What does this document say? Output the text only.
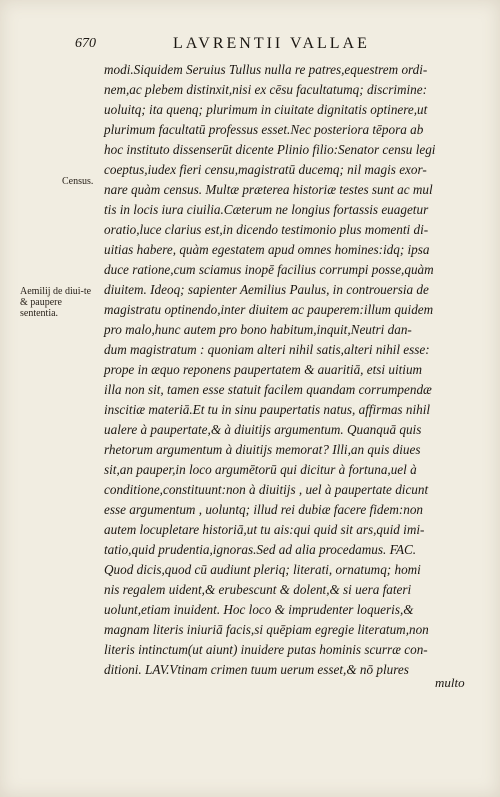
670	LAVRENTII VALLAE
Census.
Aemilij de diui-te & paupere sententia.
modi.Siquidem Seruius Tullus nulla re patres,equestrem ordi-
nem,ac plebem distinxit,nisi ex cēsu facultatumq; discrimine:
uoluitq; ita quenq; plurimum in ciuitate dignitatis optinere,ut
plurimum facultatū professus esset.Nec posteriora tēpora ab
hoc instituto dissenserūt dicente Plinio filio:Senator censu legi
coeptus,iudex fieri censu,magistratū ducemq; nil magis exor-
nare quàm census. Multæ præterea historiæ testes sunt ac mul
tis in locis iura ciuilia.Cæterum ne longius fortassis euagetur
oratio,luce clarius est,in dicendo testimonio plus momenti di-
uitias habere, quàm egestatem apud omnes homines:idq; ipsa
duce ratione,cum sciamus inopē facilius corrumpi posse,quàm
diuitem. Ideoq; sapienter Aemilius Paulus, in controuersia de
magistratu optinendo,inter diuitem ac pauperem:illum quidem
pro malo,hunc autem pro bono habitum,inquit,Neutri dan-
dum magistratum : quoniam alteri nihil satis,alteri nihil esse:
prope in æquo reponens paupertatem & auaritiā, etsi uitium
illa non sit, tamen esse statuit facilem quandam corrumpendæ
inscitiæ materiā.Et tu in sinu paupertatis natus, affirmas nihil
ualere à paupertate,& à diuitijs argumentum. Quanquā quis
rhetorum argumentum à diuitijs memorat? Illi,an quis diues
sit,an pauper,in loco argumētorū qui dicitur à fortuna,uel à
conditione,constituunt:non à diuitijs , uel à paupertate dicunt
esse argumentum , uoluntq; illud rei dubiæ facere fidem:non
autem locupletare historiā,ut tu ais:qui quid sit ars,quid imi-
tatio,quid prudentia,ignoras.Sed ad alia procedamus. FAC.
Quod dicis,quod cū audiunt pleriq; literati, ornatumq; homi
nis regalem uident,& erubescunt & dolent,& si uera fateri
uolunt,etiam inuident. Hoc loco & imprudenter loqueris,&
magnam literis iniuriā facis,si quēpiam egregie literatum,non
literis intinctum(ut aiunt) inuidere putas hominis scurræ con-
ditioni. LAV.Vtinam crimen tuum uerum esset,& nō plures
multo
